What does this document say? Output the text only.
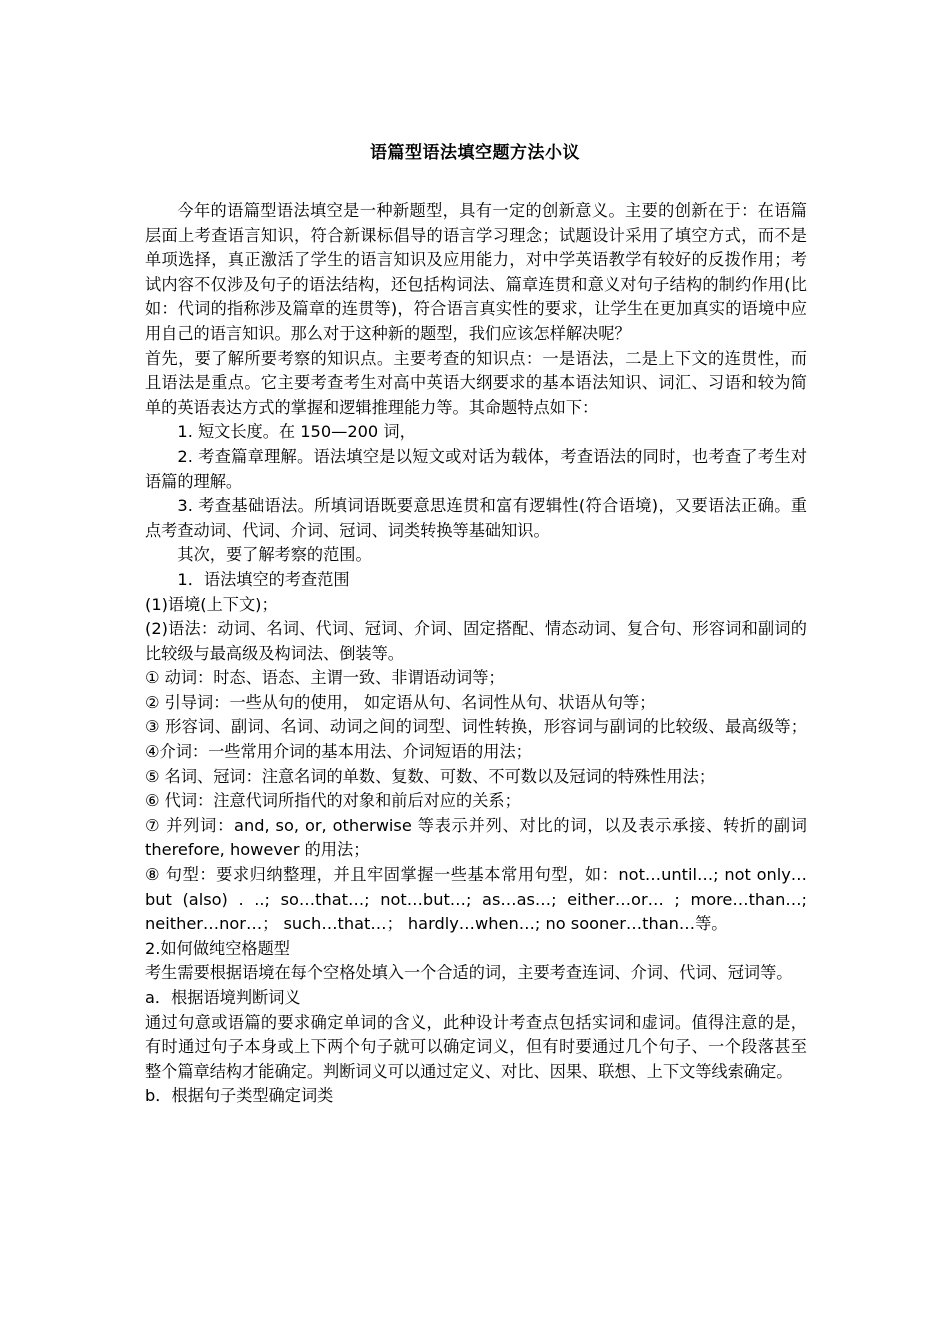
语篇型语法填空题方法小议

今年的语篇型语法填空是一种新题型，具有一定的创新意义。主要的创新在于：在语篇层面上考查语言知识，符合新课标倡导的语言学习理念；试题设计采用了填空方式，而不是单项选择，真正激活了学生的语言知识及应用能力，对中学英语教学有较好的反拨作用；考试内容不仅涉及句子的语法结构，还包括构词法、篇章连贯和意义对句子结构的制约作用(比如：代词的指称涉及篇章的连贯等)，符合语言真实性的要求，让学生在更加真实的语境中应用自己的语言知识。那么对于这种新的题型，我们应该怎样解决呢？

首先，要了解所要考察的知识点。主要考查的知识点：一是语法，二是上下文的连贯性，而且语法是重点。它主要考查考生对高中英语大纲要求的基本语法知识、词汇、习语和较为简单的英语表达方式的掌握和逻辑推理能力等。其命题特点如下：

1. 短文长度。在 150—200 词，

2. 考查篇章理解。语法填空是以短文或对话为载体，考查语法的同时，也考查了考生对语篇的理解。

3. 考查基础语法。所填词语既要意思连贯和富有逻辑性(符合语境)，又要语法正确。重点考查动词、代词、介词、冠词、词类转换等基础知识。

其次，要了解考察的范围。

1．语法填空的考查范围

(1)语境(上下文)；

(2)语法：动词、名词、代词、冠词、介词、固定搭配、情态动词、复合句、形容词和副词的比较级与最高级及构词法、倒装等。

① 动词：时态、语态、主谓一致、非谓语动词等；

② 引导词：一些从句的使用， 如定语从句、名词性从句、状语从句等；

③ 形容词、副词、名词、动词之间的词型、词性转换，形容词与副词的比较级、最高级等；④介词：一些常用介词的基本用法、介词短语的用法；

⑤ 名词、冠词：注意名词的单数、复数、可数、不可数以及冠词的特殊性用法；

⑥ 代词：注意代词所指代的对象和前后对应的关系；

⑦ 并列词：and, so, or, otherwise 等表示并列、对比的词，以及表示承接、转折的副词 therefore, however 的用法；

⑧ 句型：要求归纳整理，并且牢固掌握一些基本常用句型，如：not…until…; not only…but (also) . ..; so…that…; not…but…; as…as…; either…or… ; more…than…; neither…nor…； such…that…； hardly…when…; no sooner…than…等。

2.如何做纯空格题型

考生需要根据语境在每个空格处填入一个合适的词，主要考查连词、介词、代词、冠词等。

a．根据语境判断词义

通过句意或语篇的要求确定单词的含义，此种设计考查点包括实词和虚词。值得注意的是，有时通过句子本身或上下两个句子就可以确定词义，但有时要通过几个句子、一个段落甚至整个篇章结构才能确定。判断词义可以通过定义、对比、因果、联想、上下文等线索确定。

b．根据句子类型确定词类
